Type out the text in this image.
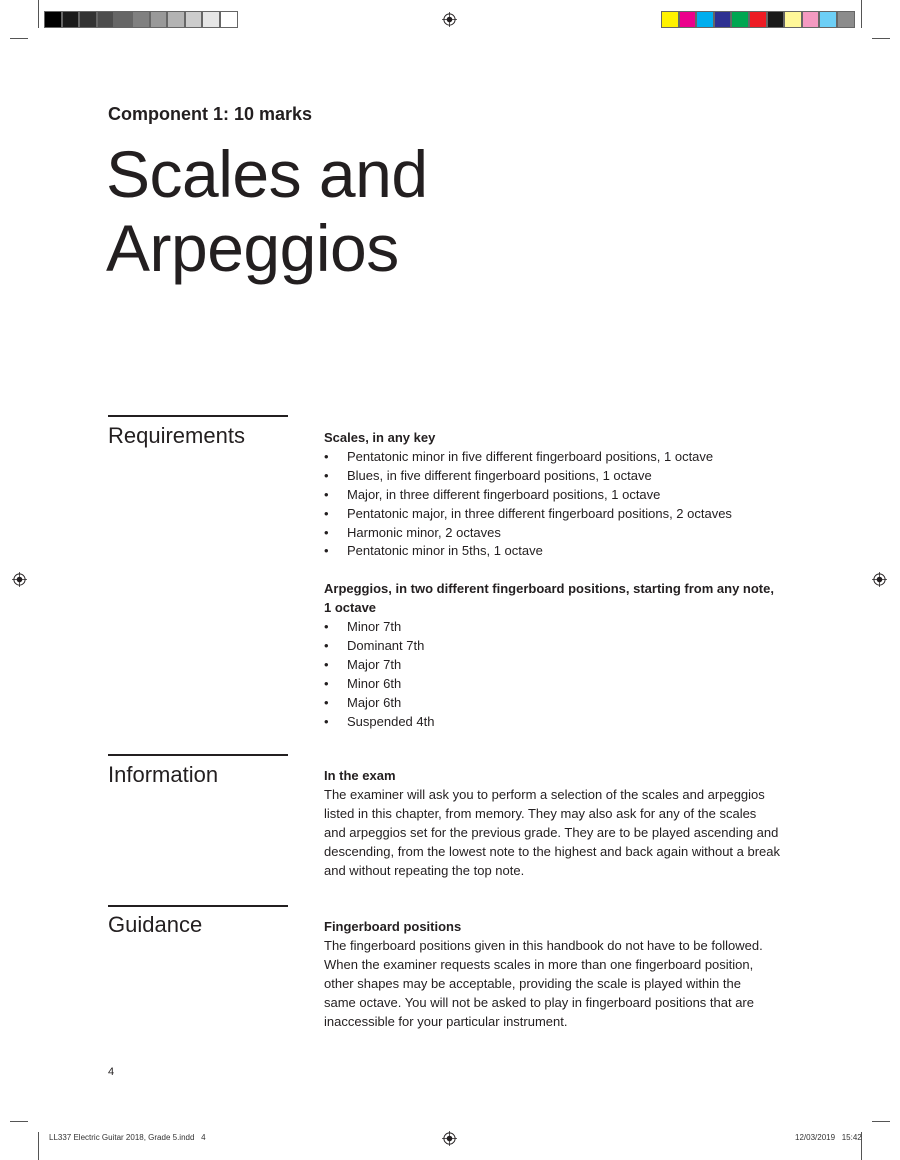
Component 1: 10 marks
Scales and
Arpeggios
Requirements	Scales, in any key

• Pentatonic minor in five different fingerboard positions, 1 octave
• Blues, in five different fingerboard positions, 1 octave
• Major, in three different fingerboard positions, 1 octave
• Pentatonic major, in three different fingerboard positions, 2 octaves
• Harmonic minor, 2 octaves
• Pentatonic minor in 5ths, 1 octave

Arpeggios, in two different fingerboard positions, starting from any note,
1 octave

• Minor 7th
• Dominant 7th
• Major 7th
• Minor 6th
• Major 6th
• Suspended 4th
Information	In the exam

The examiner will ask you to perform a selection of the scales and arpeggios
listed in this chapter, from memory. They may also ask for any of the scales
and arpeggios set for the previous grade. They are to be played ascending and
descending, from the lowest note to the highest and back again without a break
and without repeating the top note.

Guidance	Fingerboard positions

The fingerboard positions given in this handbook do not have to be followed.
When the examiner requests scales in more than one fingerboard position,
other shapes may be acceptable, providing the scale is played within the
same octave. You will not be asked to play in fingerboard positions that are
inaccessible for your particular instrument.

4
LL337 Electric Guitar 2018, Grade 5.indd   4	12/03/2019   15:42
